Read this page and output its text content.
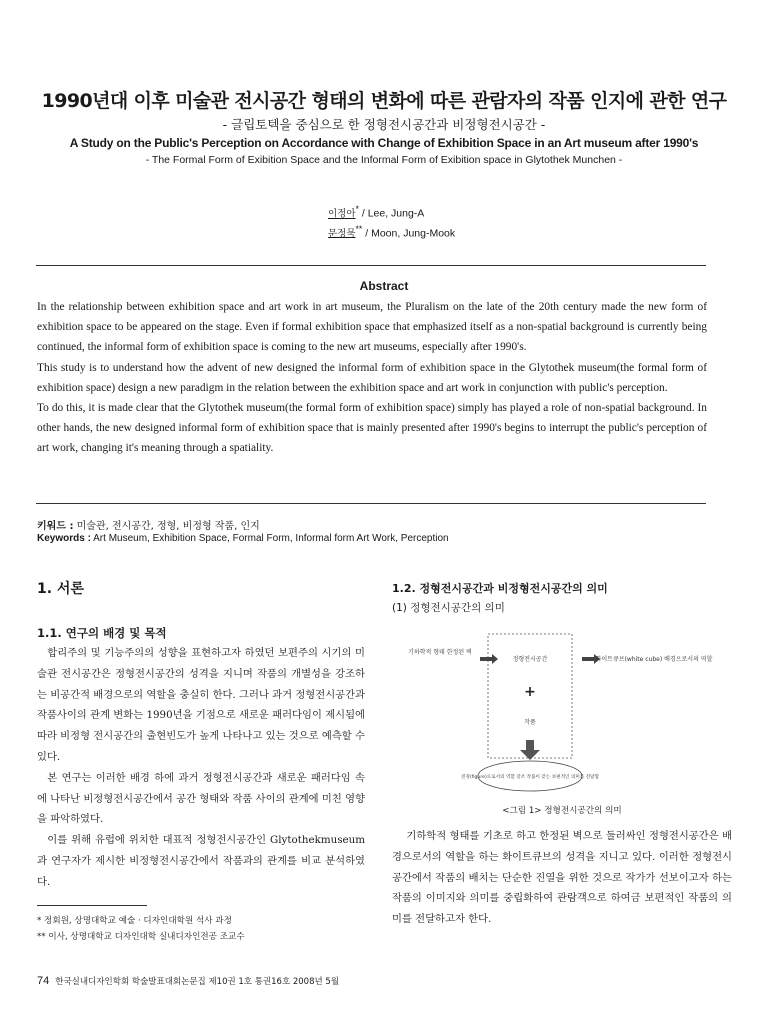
1990년대 이후 미술관 전시공간 형태의 변화에 따른 관람자의 작품 인지에 관한 연구
- 글립토텍을 중심으로 한 정형전시공간과 비정형전시공간 -
A Study on the Public's Perception on Accordance with Change of Exhibition Space in an Art museum after 1990's
- The Formal Form of Exibition Space and the Informal Form of Exibition space in Glytothek Munchen -
이정아* / Lee, Jung-A
문정묵** / Moon, Jung-Mook
Abstract

In the relationship between exhibition space and art work in art museum, the Pluralism on the late of the 20th century made the new form of exhibition space to be appeared on the stage. Even if formal exhibition space that emphasized itself as a non-spatial background is currently being continued, the informal form of exhibition space is coming to the new art museums, especially after 1990's.

This study is to understand how the advent of new designed the informal form of exhibition space in the Glytothek museum(the formal form of exhibition space) design a new paradigm in the relation between the exhibition space and art work in conjunction with public's perception.

To do this, it is made clear that the Glytothek museum(the formal form of exhibition space) simply has played a role of non-spatial background. In other hands, the new designed informal form of exhibition space that is mainly presented after 1990's begins to interrupt the public's perception of art work, changing it's meaning through a spatiality.

키워드 : 미술관, 전시공간, 정형, 비정형 작품, 인지
Keywords : Art Museum, Exhibition Space, Formal Form, Informal form Art Work, Perception
1. 서론
1.1. 연구의 배경 및 목적

합리주의 및 기능주의의 성향을 표현하고자 하였던 보편주의 시기의 미술관 전시공간은 정형전시공간의 성격을 지니며 작품의 개별성을 강조하는 비공간적 배경으로의 역할을 충실히 한다. 그러나 과거 정형전시공간과 작품사이의 관계 변화는 1990년을 기점으로 새로운 패러다임이 제시됨에 따라 비정형 전시공간의 출현빈도가 높게 나타나고 있는 것으로 예측할 수 있다.

본 연구는 이러한 배경 하에 과거 정형전시공간과 새로운 패러다임 속에 나타난 비정형전시공간에서 공간 형태와 작품 사이의 관계에 미친 영향을 파악하였다.

이를 위해 유럽에 위치한 대표적 정형전시공간인 Glytothekmuseum과 연구자가 제시한 비정형전시공간에서 작품과의 관계를 비교 분석하였다.

* 정회원, 상명대학교 예술 · 디자인대학원 석사 과정
** 이사, 상명대학교 디자인대학 실내디자인전공 조교수
1.2. 정형전시공간과 비정형전시공간의 의미
(1) 정형전시공간의 의미
기하학적 형태 한정된 벽
정형전시공간	화이트큐브(white cube) 배경으로서의 역할
+
작품
전경(figure)으로서의 역할 강조 작품이 갖는 보편적인 의미를 전달함
<그림 1> 정형전시공간의 의미

기하학적 형태를 기초로 하고 한정된 벽으로 둘러싸인 정형전시공간은 배경으로서의 역할을 하는 화이트큐브의 성격을 지니고 있다. 이러한 정형전시공간에서 작품의 배치는 단순한 진열을 위한 것으로 작가가 선보이고자 하는 작품의 이미지와 의미를 중립화하여 관람객으로 하여금 보편적인 작품의 의미를 전달하고자 한다.

74 한국실내디자인학회 학술발표대회논문집 제10권 1호 통권16호 2008년 5월
